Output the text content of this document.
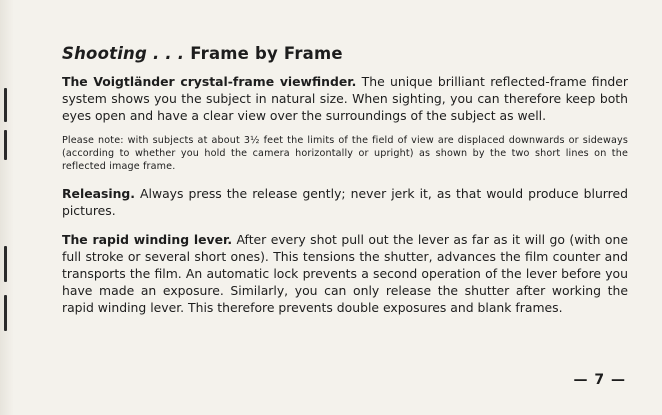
Shooting . . . Frame by Frame

The Voigtländer crystal-frame viewfinder. The unique brilliant reflected-frame finder system shows you the subject in natural size. When sighting, you can therefore keep both eyes open and have a clear view over the surroundings of the subject as well.

Please note: with subjects at about 3½ feet the limits of the field of view are displaced downwards or sideways (according to whether you hold the camera horizontally or upright) as shown by the two short lines on the reflected image frame.

Releasing. Always press the release gently; never jerk it, as that would produce blurred pictures.

The rapid winding lever. After every shot pull out the lever as far as it will go (with one full stroke or several short ones). This tensions the shutter, advances the film counter and transports the film. An automatic lock prevents a second operation of the lever before you have made an exposure. Similarly, you can only release the shutter after working the rapid winding lever. This therefore prevents double exposures and blank frames.

— 7 —
